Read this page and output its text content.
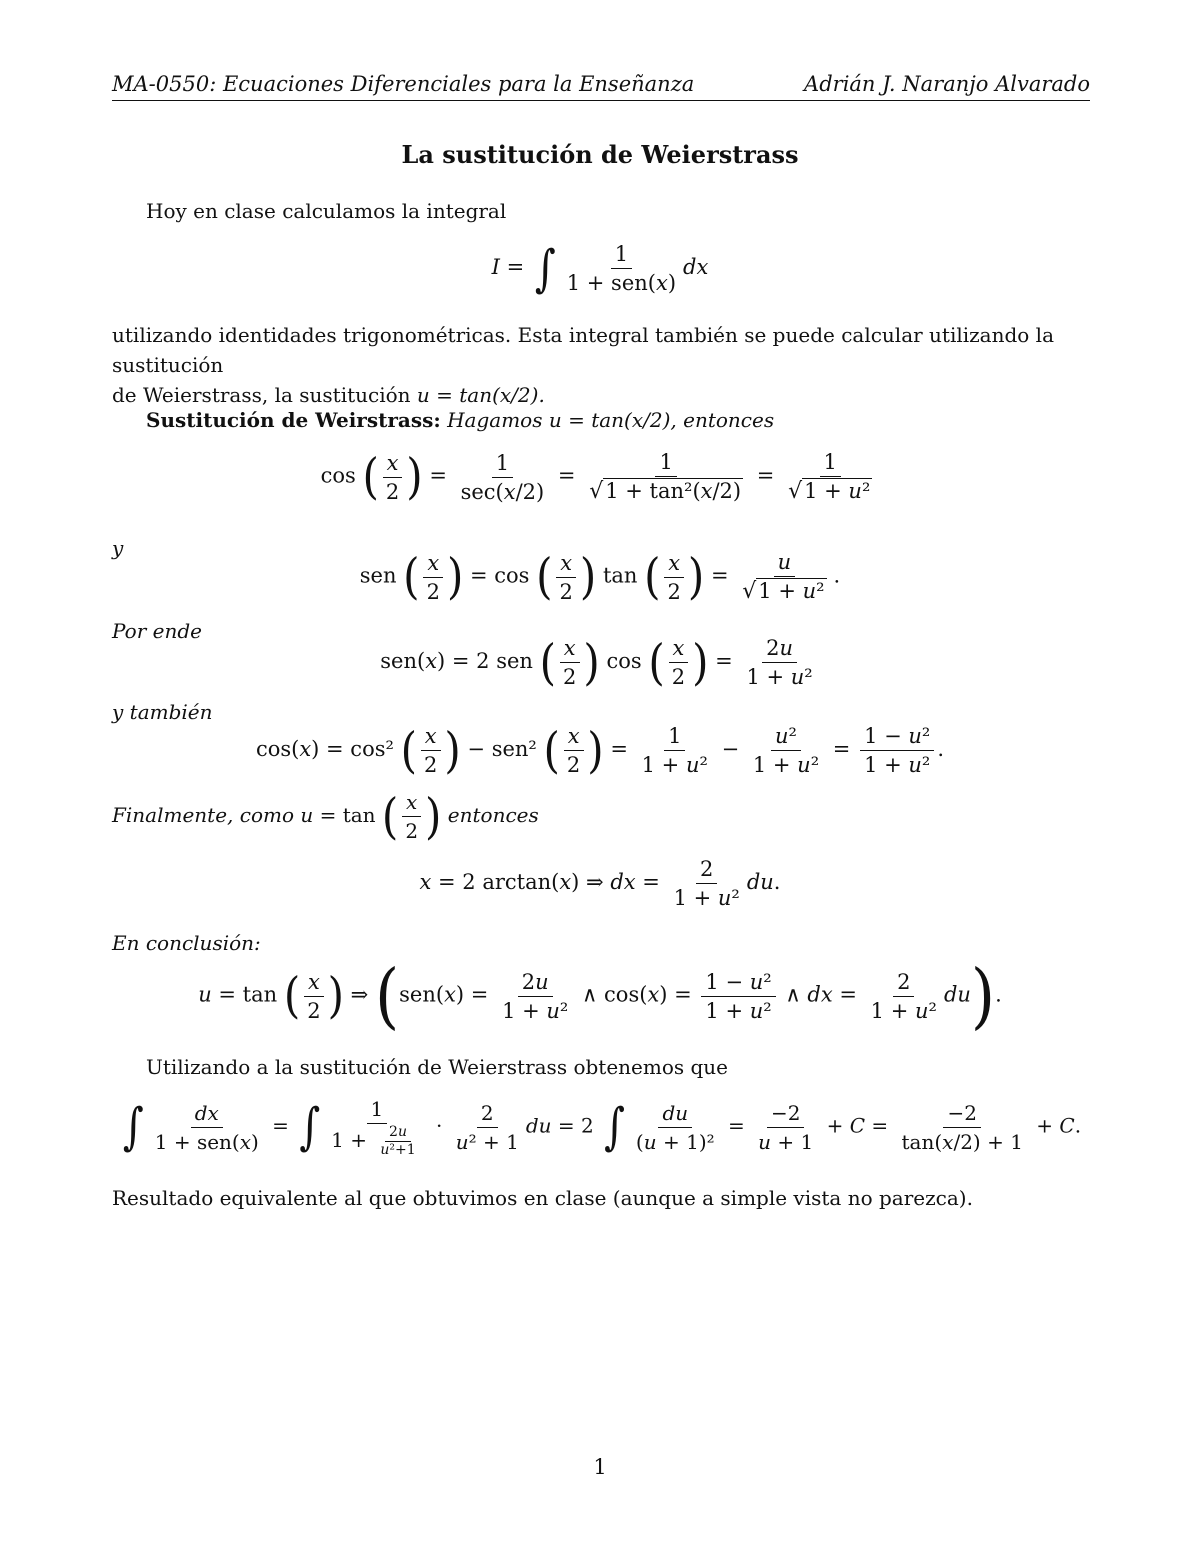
MA-0550: Ecuaciones Diferenciales para la Enseñanza	Adrián J. Naranjo Alvarado
La sustitución de Weierstrass
Hoy en clase calculamos la integral
I = ∫ $\frac{1}{\text{1 + sen(x)}}$ dx
utilizando identidades trigonométricas. Esta integral también se puede calcular utilizando la sustitución
de Weierstrass, la sustitución u = tan(x/2).
Sustitución de Weirstrass: Hagamos u = tan(x/2), entonces
cos ( $\frac{x}{2}$ ) = $\frac{1}{\sec(x/2)} = \frac{1}{\text{√1 + tan²(x/2)}} = \frac{1}{\text{√1 + u²}}$
y
sen ( $\frac{x}{2}$ ) = cos ( $\frac{x}{2}$ ) tan ( $\frac{x}{2}$ ) = $\frac{u}{\text{√1 + u²}}$ .
Por ende
sen(x) = 2 sen ( $\frac{x}{2}$ ) cos ( $\frac{x}{2}$ ) = $\frac{2u}{\text{1 + u²}}$
y también
cos(x) = cos² ( $\frac{x}{2}$ ) − sen² ( $\frac{x}{2}$ ) = $\frac{1}{\text{1 + u²}} - \frac{\text{u²}}{\text{1 + u²}} = \frac{\text{1 − u²}}{\text{1 + u²}}$ .
Finalmente, como u = tan ( $\frac{x}{2}$ ) entonces
x = 2 arctan(x) ⇒ dx = $\frac{2}{\text{1 + u²}}$ du.
En conclusión:
u = tan ( $\frac{x}{2}$ ) ⇒ ($sen(x) = \frac{2u}{\text{1 + u²}}$ ∧ $\cos(x) = \frac{\text{1 − u²}}{\text{1 + u²}}$ ∧ dx = $\frac{2}{\text{1 + u²}} du$).
Utilizando a la sustitución de Weierstrass obtenemos que
∫ $\frac{dx}{\text{1 + sen(x)}}$ = ∫ $\frac{1}{1 + \frac{2u}{\text{u²+1}}} \cdot \frac{2}{\text{u² + 1}}$ du = 2 ∫ $\frac{du}{\text{(u + 1)²}} = \frac{-2}{u + 1} + C = \frac{-2}{\tan(x/2) + 1} + C$.
Resultado equivalente al que obtuvimos en clase (aunque a simple vista no parezca).
1
